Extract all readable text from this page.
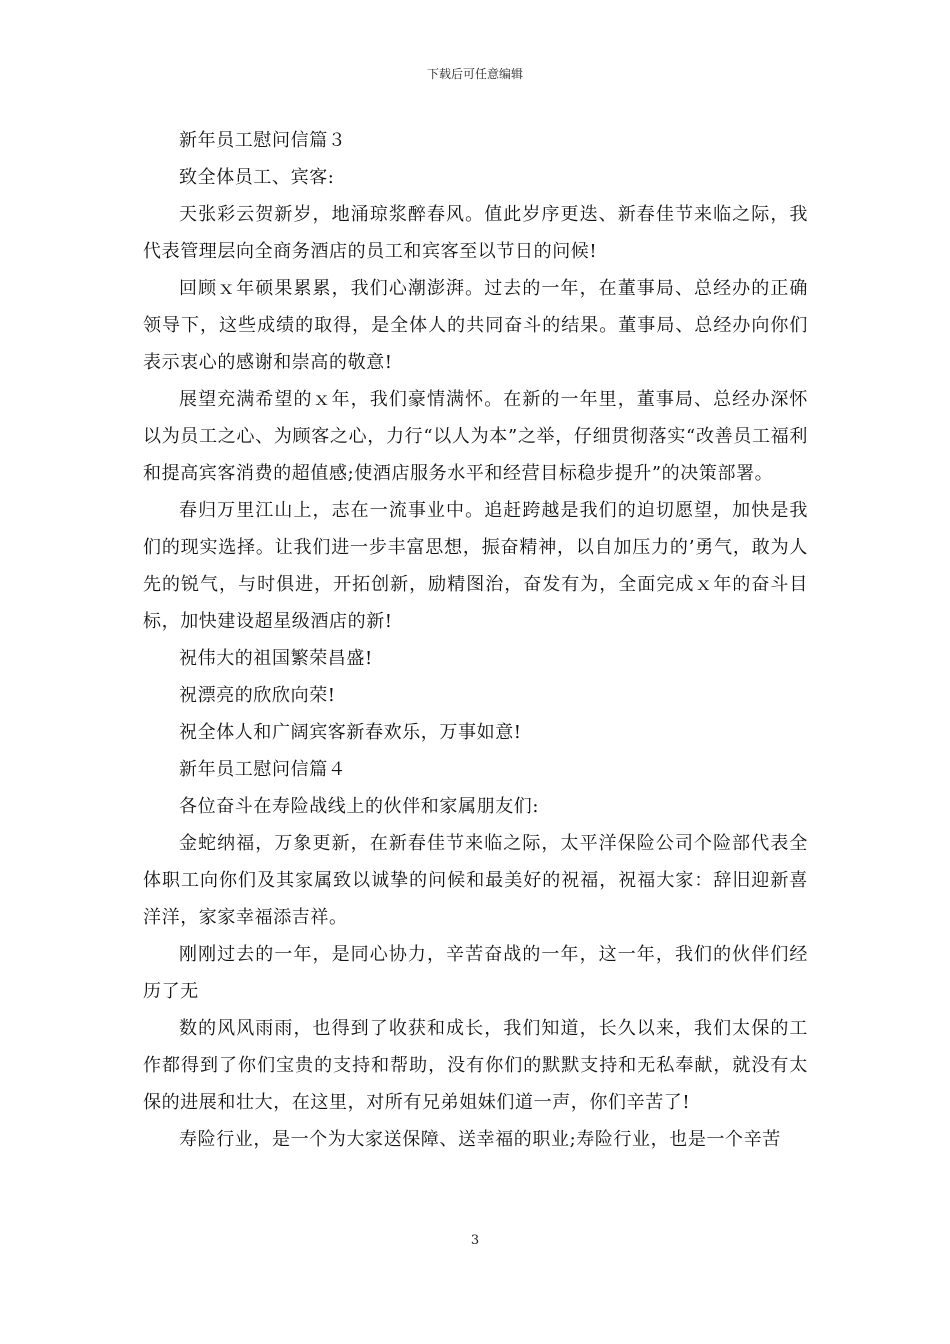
下载后可任意编辑

新年员工慰问信篇３

致全体员工、宾客:

天张彩云贺新岁，地涌琼浆醉春风。值此岁序更迭、新春佳节来临之际，我代表管理层向全商务酒店的员工和宾客至以节日的问候!

回顾ｘ年硕果累累，我们心潮澎湃。过去的一年，在董事局、总经办的正确领导下，这些成绩的取得，是全体人的共同奋斗的结果。董事局、总经办向你们表示衷心的感谢和崇高的敬意!

展望充满希望的ｘ年，我们豪情满怀。在新的一年里，董事局、总经办深怀以为员工之心、为顾客之心，力行“以人为本”之举，仔细贯彻落实“改善员工福利和提高宾客消费的超值感;使酒店服务水平和经营目标稳步提升”的决策部署。

春归万里江山上，志在一流事业中。追赶跨越是我们的迫切愿望，加快是我们的现实选择。让我们进一步丰富思想，振奋精神，以自加压力的’勇气，敢为人先的锐气，与时俱进，开拓创新，励精图治，奋发有为，全面完成ｘ年的奋斗目标，加快建设超星级酒店的新!

祝伟大的祖国繁荣昌盛!

祝漂亮的欣欣向荣!

祝全体人和广阔宾客新春欢乐，万事如意!

新年员工慰问信篇４

各位奋斗在寿险战线上的伙伴和家属朋友们:

金蛇纳福，万象更新，在新春佳节来临之际，太平洋保险公司个险部代表全体职工向你们及其家属致以诚挚的问候和最美好的祝福，祝福大家：辞旧迎新喜洋洋，家家幸福添吉祥。

刚刚过去的一年，是同心协力，辛苦奋战的一年，这一年，我们的伙伴们经历了无

数的风风雨雨，也得到了收获和成长，我们知道，长久以来，我们太保的工作都得到了你们宝贵的支持和帮助，没有你们的默默支持和无私奉献，就没有太保的进展和壮大，在这里，对所有兄弟姐妹们道一声，你们辛苦了!

寿险行业，是一个为大家送保障、送幸福的职业;寿险行业，也是一个辛苦

3
